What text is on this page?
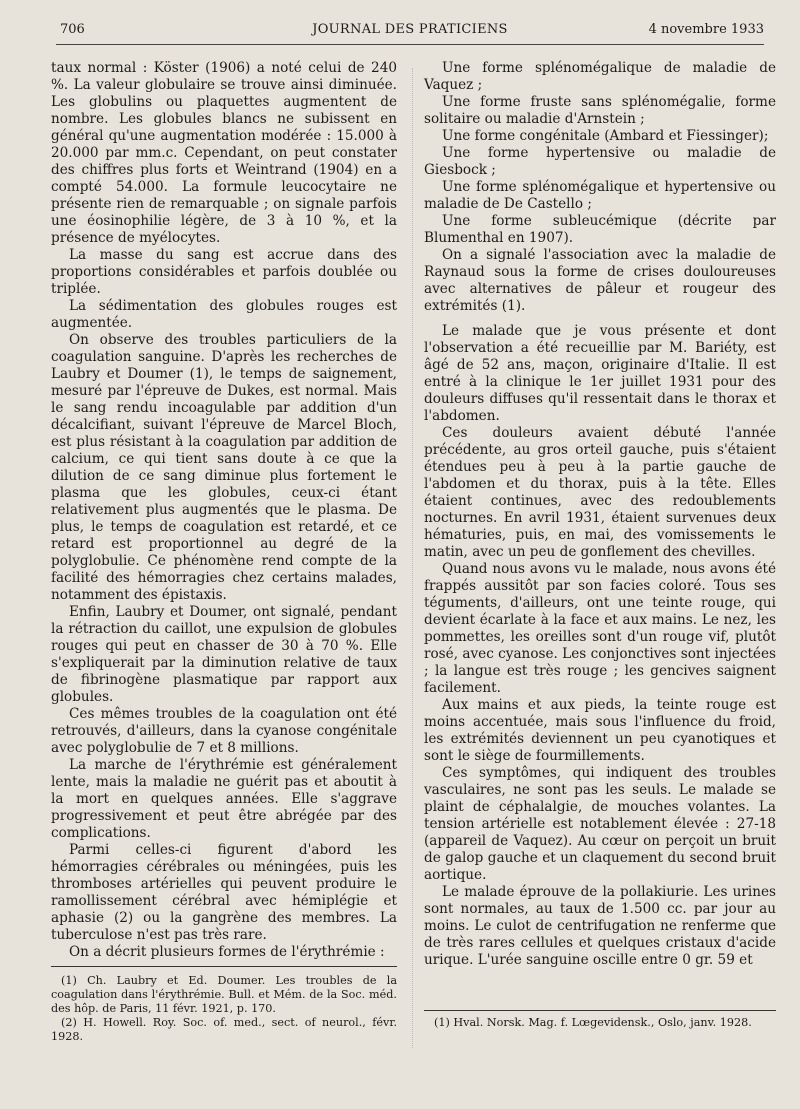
706	JOURNAL DES PRATICIENS	4 novembre 1933

taux normal : Köster (1906) a noté celui de 240 %. La valeur globulaire se trouve ainsi diminuée. Les globulins ou plaquettes augmentent de nombre. Les globules blancs ne subissent en général qu'une augmentation modérée : 15.000 à 20.000 par mm.c. Cependant, on peut constater des chiffres plus forts et Weintrand (1904) en a compté 54.000. La formule leucocytaire ne présente rien de remarquable ; on signale parfois une éosinophilie légère, de 3 à 10 %, et la présence de myélocytes.

La masse du sang est accrue dans des proportions considérables et parfois doublée ou triplée.

La sédimentation des globules rouges est augmentée.

On observe des troubles particuliers de la coagulation sanguine. D'après les recherches de Laubry et Doumer (1), le temps de saignement, mesuré par l'épreuve de Dukes, est normal. Mais le sang rendu incoagulable par addition d'un décalcifiant, suivant l'épreuve de Marcel Bloch, est plus résistant à la coagulation par addition de calcium, ce qui tient sans doute à ce que la dilution de ce sang diminue plus fortement le plasma que les globules, ceux-ci étant relativement plus augmentés que le plasma. De plus, le temps de coagulation est retardé, et ce retard est proportionnel au degré de la polyglobulie. Ce phénomène rend compte de la facilité des hémorragies chez certains malades, notamment des épistaxis.

Enfin, Laubry et Doumer, ont signalé, pendant la rétraction du caillot, une expulsion de globules rouges qui peut en chasser de 30 à 70 %. Elle s'expliquerait par la diminution relative de taux de fibrinogène plasmatique par rapport aux globules.

Ces mêmes troubles de la coagulation ont été retrouvés, d'ailleurs, dans la cyanose congénitale avec polyglobulie de 7 et 8 millions.

La marche de l'érythrémie est généralement lente, mais la maladie ne guérit pas et aboutit à la mort en quelques années. Elle s'aggrave progressivement et peut être abrégée par des complications.

Parmi celles-ci figurent d'abord les hémorragies cérébrales ou méningées, puis les thromboses artérielles qui peuvent produire le ramollissement cérébral avec hémiplégie et aphasie (2) ou la gangrène des membres. La tuberculose n'est pas très rare.

On a décrit plusieurs formes de l'érythrémie :

(1) Ch. Laubry et Ed. Doumer. Les troubles de la coagulation dans l'érythrémie. Bull. et Mém. de la Soc. méd. des hôp. de Paris, 11 févr. 1921, p. 170.

(2) H. Howell. Roy. Soc. of. med., sect. of neurol., févr. 1928.

Une forme splénomégalique de maladie de Vaquez ;

Une forme fruste sans splénomégalie, forme solitaire ou maladie d'Arnstein ;

Une forme congénitale (Ambard et Fiessinger);

Une forme hypertensive ou maladie de Giesbock ;

Une forme splénomégalique et hypertensive ou maladie de De Castello ;

Une forme subleucémique (décrite par Blumenthal en 1907).

On a signalé l'association avec la maladie de Raynaud sous la forme de crises douloureuses avec alternatives de pâleur et rougeur des extrémités (1).

Le malade que je vous présente et dont l'observation a été recueillie par M. Bariéty, est âgé de 52 ans, maçon, originaire d'Italie. Il est entré à la clinique le 1er juillet 1931 pour des douleurs diffuses qu'il ressentait dans le thorax et l'abdomen.

Ces douleurs avaient débuté l'année précédente, au gros orteil gauche, puis s'étaient étendues peu à peu à la partie gauche de l'abdomen et du thorax, puis à la tête. Elles étaient continues, avec des redoublements nocturnes. En avril 1931, étaient survenues deux hématuries, puis, en mai, des vomissements le matin, avec un peu de gonflement des chevilles.

Quand nous avons vu le malade, nous avons été frappés aussitôt par son facies coloré. Tous ses téguments, d'ailleurs, ont une teinte rouge, qui devient écarlate à la face et aux mains. Le nez, les pommettes, les oreilles sont d'un rouge vif, plutôt rosé, avec cyanose. Les conjonctives sont injectées ; la langue est très rouge ; les gencives saignent facilement.

Aux mains et aux pieds, la teinte rouge est moins accentuée, mais sous l'influence du froid, les extrémités deviennent un peu cyanotiques et sont le siège de fourmillements.

Ces symptômes, qui indiquent des troubles vasculaires, ne sont pas les seuls. Le malade se plaint de céphalalgie, de mouches volantes. La tension artérielle est notablement élevée : 27-18 (appareil de Vaquez). Au cœur on perçoit un bruit de galop gauche et un claquement du second bruit aortique.

Le malade éprouve de la pollakiurie. Les urines sont normales, au taux de 1.500 cc. par jour au moins. Le culot de centrifugation ne renferme que de très rares cellules et quelques cristaux d'acide urique. L'urée sanguine oscille entre 0 gr. 59 et

(1) Hval. Norsk. Mag. f. Lœgevidensk., Oslo, janv. 1928.
